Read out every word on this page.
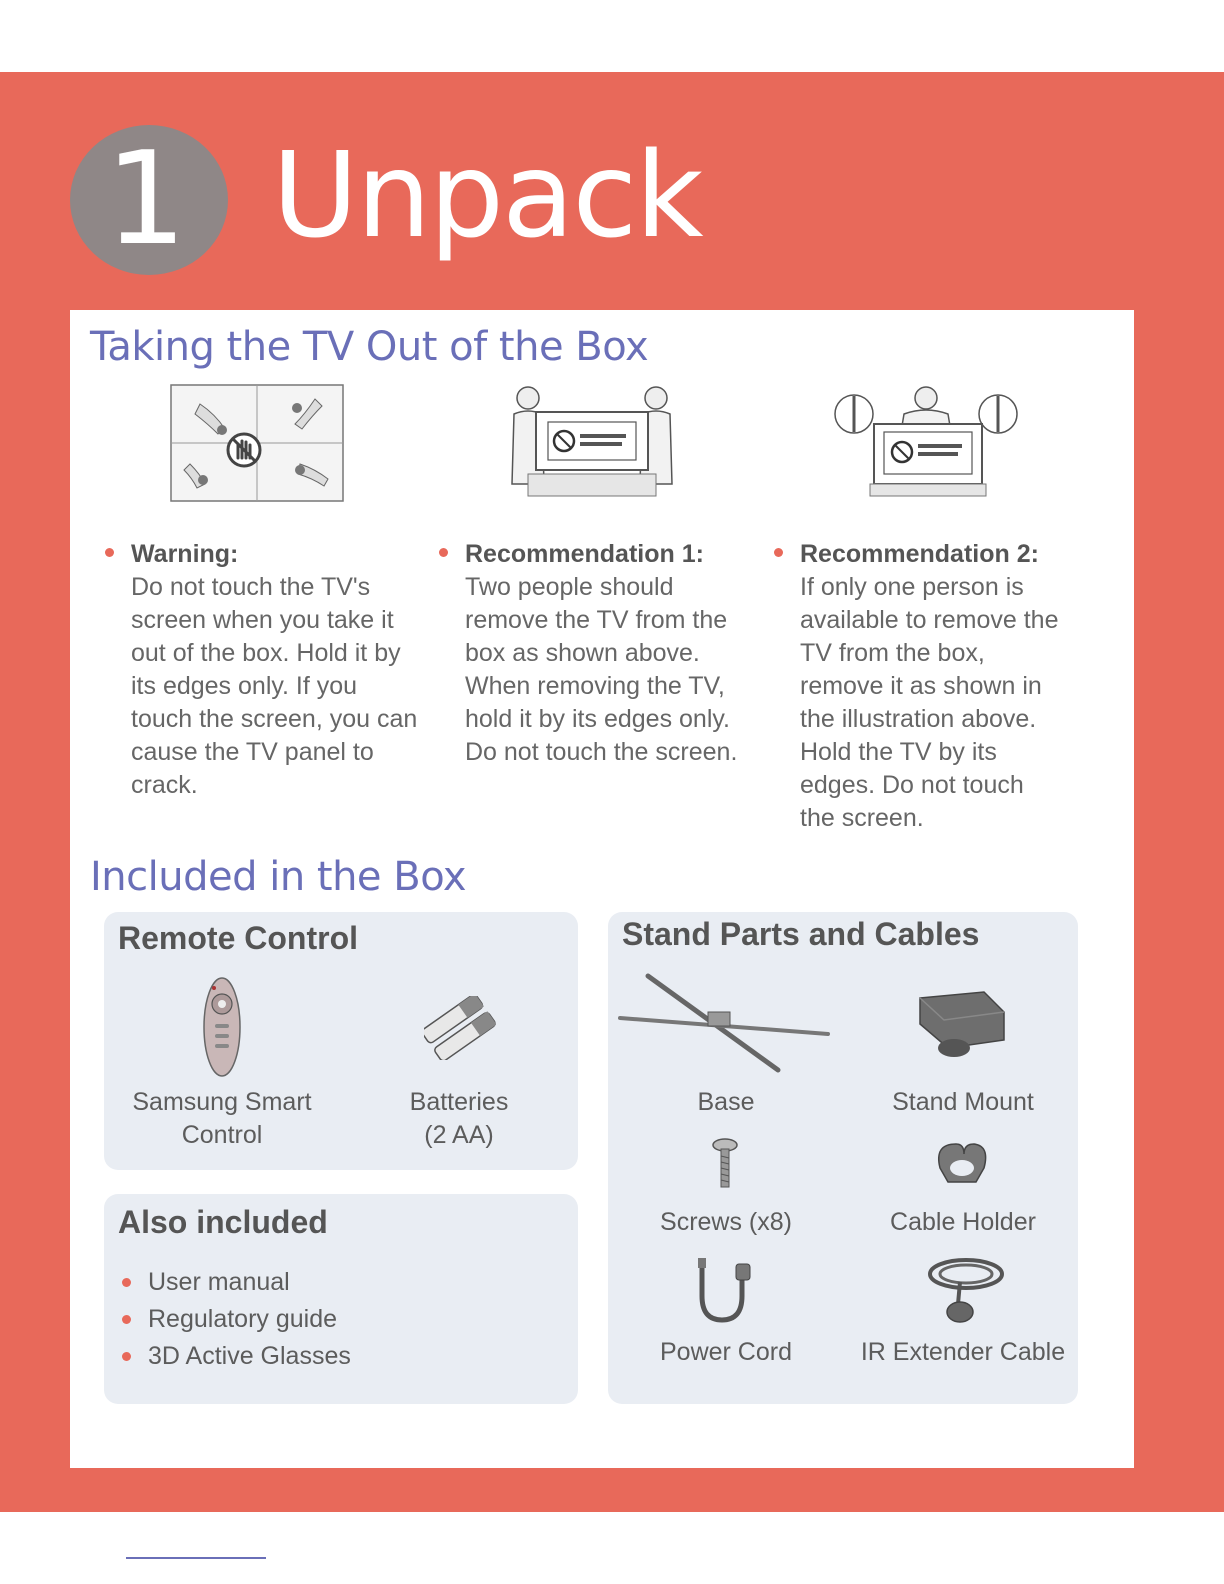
1 Unpack
Taking the TV Out of the Box
Warning:
Do not touch the TV's screen when you take it out of the box. Hold it by its edges only. If you touch the screen, you can cause the TV panel to crack.
Recommendation 1:
Two people should remove the TV from the box as shown above. When removing the TV, hold it by its edges only. Do not touch the screen.
Recommendation 2:
If only one person is available to remove the TV from the box, remove it as shown in the illustration above. Hold the TV by its edges. Do not touch the screen.
Included in the Box
Remote Control
Samsung Smart
Control
Batteries
(2 AA)
Also included
User manual
Regulatory guide
3D Active Glasses
Stand Parts and Cables
Base	Stand Mount
Screws (x8)	Cable Holder
Power Cord	IR Extender Cable
